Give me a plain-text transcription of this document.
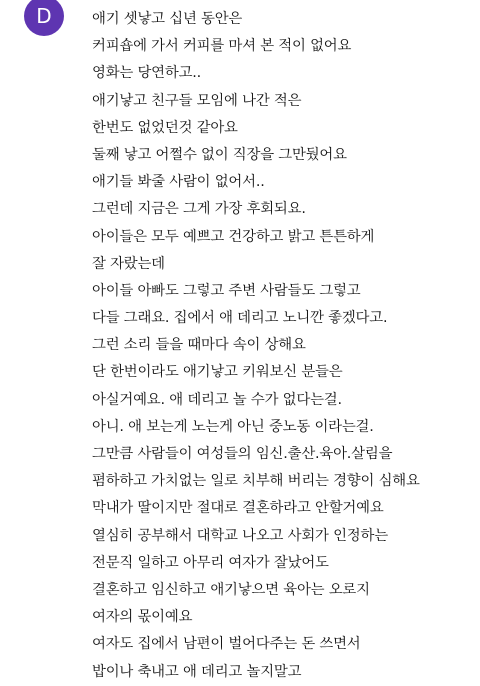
D	애기 셋낳고 십년 동안은
커피숍에 가서 커피를 마셔 본 적이 없어요
영화는 당연하고..
애기낳고 친구들 모임에 나간 적은
한번도 없었던것 같아요
둘째 낳고 어쩔수 없이 직장을 그만뒀어요
애기들 봐줄 사람이 없어서..
그런데 지금은 그게 가장 후회되요.
아이들은 모두 예쁘고 건강하고 밝고 튼튼하게
잘 자랐는데
아이들 아빠도 그렇고 주변 사람들도 그렇고
다들 그래요. 집에서 애 데리고 노니깐 좋겠다고.
그런 소리 들을 때마다 속이 상해요
단 한번이라도 애기낳고 키워보신 분들은
아실거예요. 애 데리고 놀 수가 없다는걸.
아니. 애 보는게 노는게 아닌 중노동 이라는걸.
그만큼 사람들이 여성들의 임신.출산.육아.살림을
폄하하고 가치없는 일로 치부해 버리는 경향이 심해요
막내가 딸이지만 절대로 결혼하라고 안할거예요
열심히 공부해서 대학교 나오고 사회가 인정하는
전문직 일하고 아무리 여자가 잘났어도
결혼하고 임신하고 애기낳으면 육아는 오로지
여자의 몫이예요
여자도 집에서 남편이 벌어다주는 돈 쓰면서
밥이나 축내고 애 데리고 놀지말고
